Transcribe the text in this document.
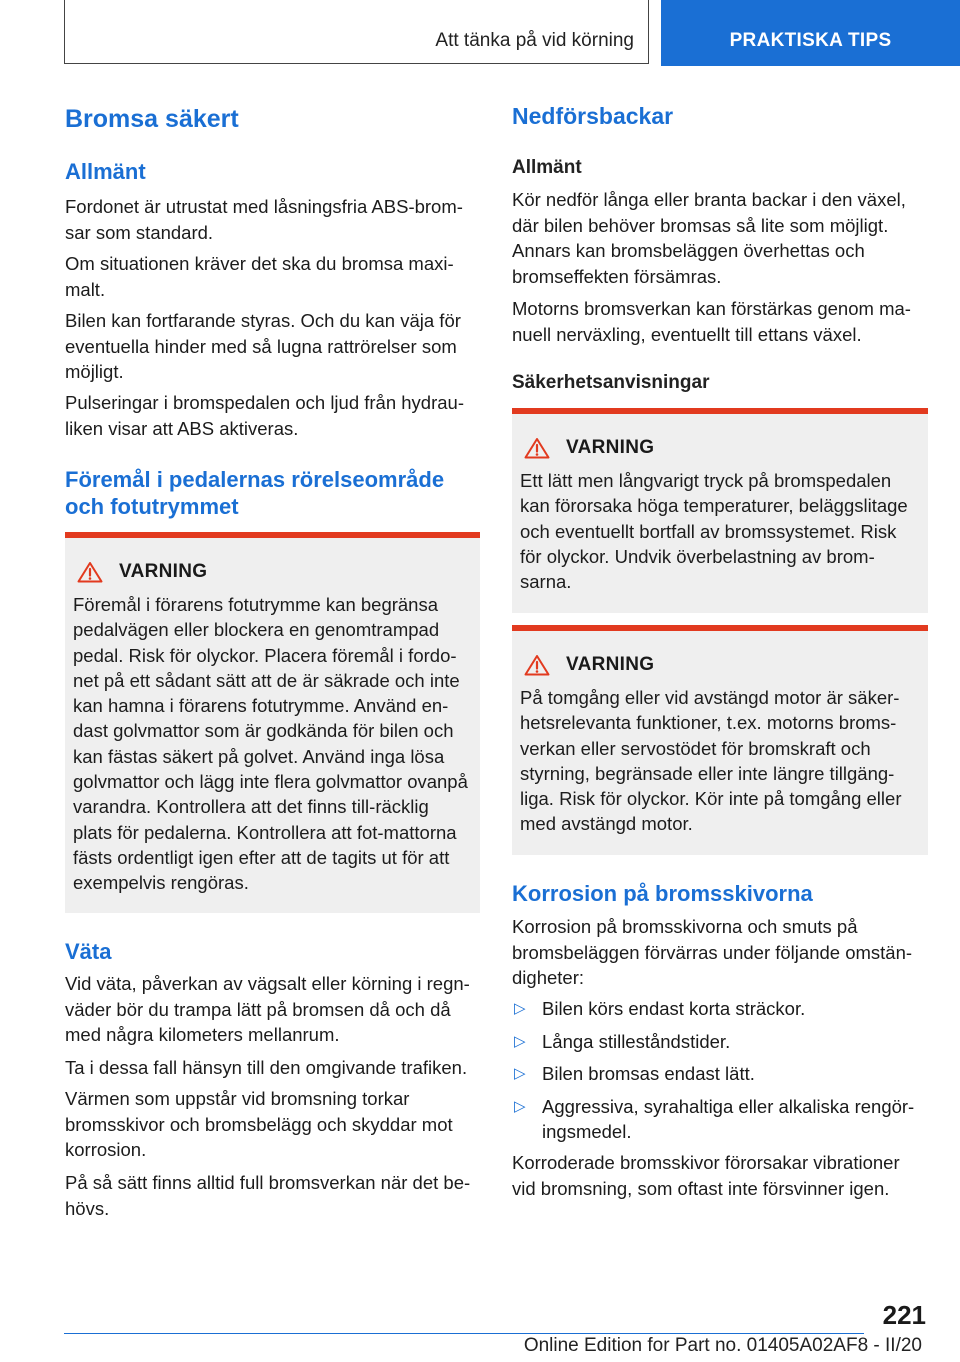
Att tänka på vid körning	PRAKTISKA TIPS
Bromsa säkert
Allmänt

Fordonet är utrustat med låsningsfria ABS-brom‐sar som standard.

Om situationen kräver det ska du bromsa maxi‐malt.

Bilen kan fortfarande styras. Och du kan väja för eventuella hinder med så lugna rattrörelser som möjligt.

Pulseringar i bromspedalen och ljud från hydrau‐liken visar att ABS aktiveras.

Föremål i pedalernas rörelseområde och fotutrymmet
VARNING

Föremål i förarens fotutrymme kan begränsa pedalvägen eller blockera en genomtrampad pedal. Risk för olyckor. Placera föremål i fordo‐net på ett sådant sätt att de är säkrade och inte kan hamna i förarens fotutrymme. Använd en‐dast golvmattor som är godkända för bilen och kan fästas säkert på golvet. Använd inga lösa golvmattor och lägg inte flera golvmattor ovanpå varandra. Kontrollera att det finns till‐räcklig plats för pedalerna. Kontrollera att fot‐mattorna fästs ordentligt igen efter att de tagits ut för att exempelvis rengöras.

Väta

Vid väta, påverkan av vägsalt eller körning i regn‐väder bör du trampa lätt på bromsen då och då med några kilometers mellanrum.

Ta i dessa fall hänsyn till den omgivande trafiken.

Värmen som uppstår vid bromsning torkar bromsskivor och bromsbelägg och skyddar mot korrosion.

På så sätt finns alltid full bromsverkan när det be‐hövs.

Nedförsbackar
Allmänt

Kör nedför långa eller branta backar i den växel, där bilen behöver bromsas så lite som möjligt. Annars kan bromsbeläggen överhettas och bromseffekten försämras.

Motorns bromsverkan kan förstärkas genom ma‐nuell nerväxling, eventuellt till ettans växel.

Säkerhetsanvisningar
VARNING

Ett lätt men långvarigt tryck på bromspedalen kan förorsaka höga temperaturer, beläggslitage och eventuellt bortfall av bromssystemet. Risk för olyckor. Undvik överbelastning av brom‐sarna.

VARNING

På tomgång eller vid avstängd motor är säker‐hetsrelevanta funktioner, t.ex. motorns broms‐verkan eller servostödet för bromskraft och styrning, begränsade eller inte längre tillgäng‐liga. Risk för olyckor. Kör inte på tomgång eller med avstängd motor.

Korrosion på bromsskivorna

Korrosion på bromsskivorna och smuts på bromsbeläggen förvärras under följande omstän‐digheter:

▷ Bilen körs endast korta sträckor.
▷ Långa stilleståndstider.
▷ Bilen bromsas endast lätt.
▷ Aggressiva, syrahaltiga eller alkaliska rengör‐ingsmedel.

Korroderade bromsskivor förorsakar vibrationer vid bromsning, som oftast inte försvinner igen.

221
Online Edition for Part no. 01405A02AF8 - II/20
